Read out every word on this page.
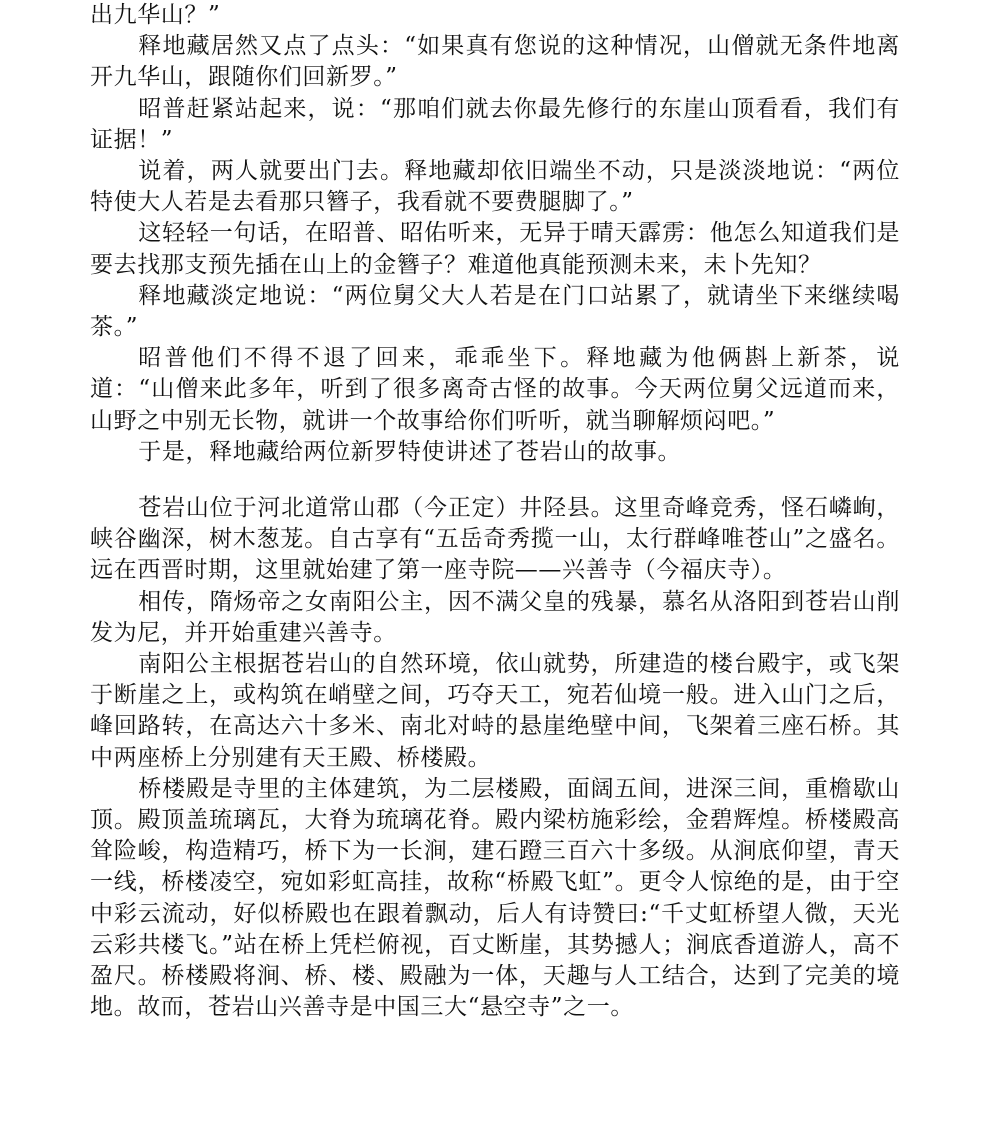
出九华山？”

释地藏居然又点了点头：“如果真有您说的这种情况，山僧就无条件地离开九华山，跟随你们回新罗。”

昭普赶紧站起来，说：“那咱们就去你最先修行的东崖山顶看看，我们有证据！”

说着，两人就要出门去。释地藏却依旧端坐不动，只是淡淡地说：“两位特使大人若是去看那只簪子，我看就不要费腿脚了。”

这轻轻一句话，在昭普、昭佑听来，无异于晴天霹雳：他怎么知道我们是要去找那支预先插在山上的金簪子？难道他真能预测未来，未卜先知？

释地藏淡定地说：“两位舅父大人若是在门口站累了，就请坐下来继续喝茶。”

昭普他们不得不退了回来，乖乖坐下。释地藏为他俩斟上新茶，说道：“山僧来此多年，听到了很多离奇古怪的故事。今天两位舅父远道而来，山野之中别无长物，就讲一个故事给你们听听，就当聊解烦闷吧。”

于是，释地藏给两位新罗特使讲述了苍岩山的故事。

苍岩山位于河北道常山郡（今正定）井陉县。这里奇峰竞秀，怪石嶙峋，峡谷幽深，树木葱茏。自古享有“五岳奇秀揽一山，太行群峰唯苍山”之盛名。远在西晋时期，这里就始建了第一座寺院——兴善寺（今福庆寺）。

相传，隋炀帝之女南阳公主，因不满父皇的残暴，慕名从洛阳到苍岩山削发为尼，并开始重建兴善寺。

南阳公主根据苍岩山的自然环境，依山就势，所建造的楼台殿宇，或飞架于断崖之上，或构筑在峭壁之间，巧夺天工，宛若仙境一般。进入山门之后，峰回路转，在高达六十多米、南北对峙的悬崖绝壁中间，飞架着三座石桥。其中两座桥上分别建有天王殿、桥楼殿。

桥楼殿是寺里的主体建筑，为二层楼殿，面阔五间，进深三间，重檐歇山顶。殿顶盖琉璃瓦，大脊为琉璃花脊。殿内梁枋施彩绘，金碧辉煌。桥楼殿高耸险峻，构造精巧，桥下为一长涧，建石蹬三百六十多级。从涧底仰望，青天一线，桥楼凌空，宛如彩虹高挂，故称“桥殿飞虹”。更令人惊绝的是，由于空中彩云流动，好似桥殿也在跟着飘动，后人有诗赞曰:“千丈虹桥望人微，天光云彩共楼飞。”站在桥上凭栏俯视，百丈断崖，其势撼人；涧底香道游人，高不盈尺。桥楼殿将涧、桥、楼、殿融为一体，天趣与人工结合，达到了完美的境地。故而，苍岩山兴善寺是中国三大“悬空寺”之一。
